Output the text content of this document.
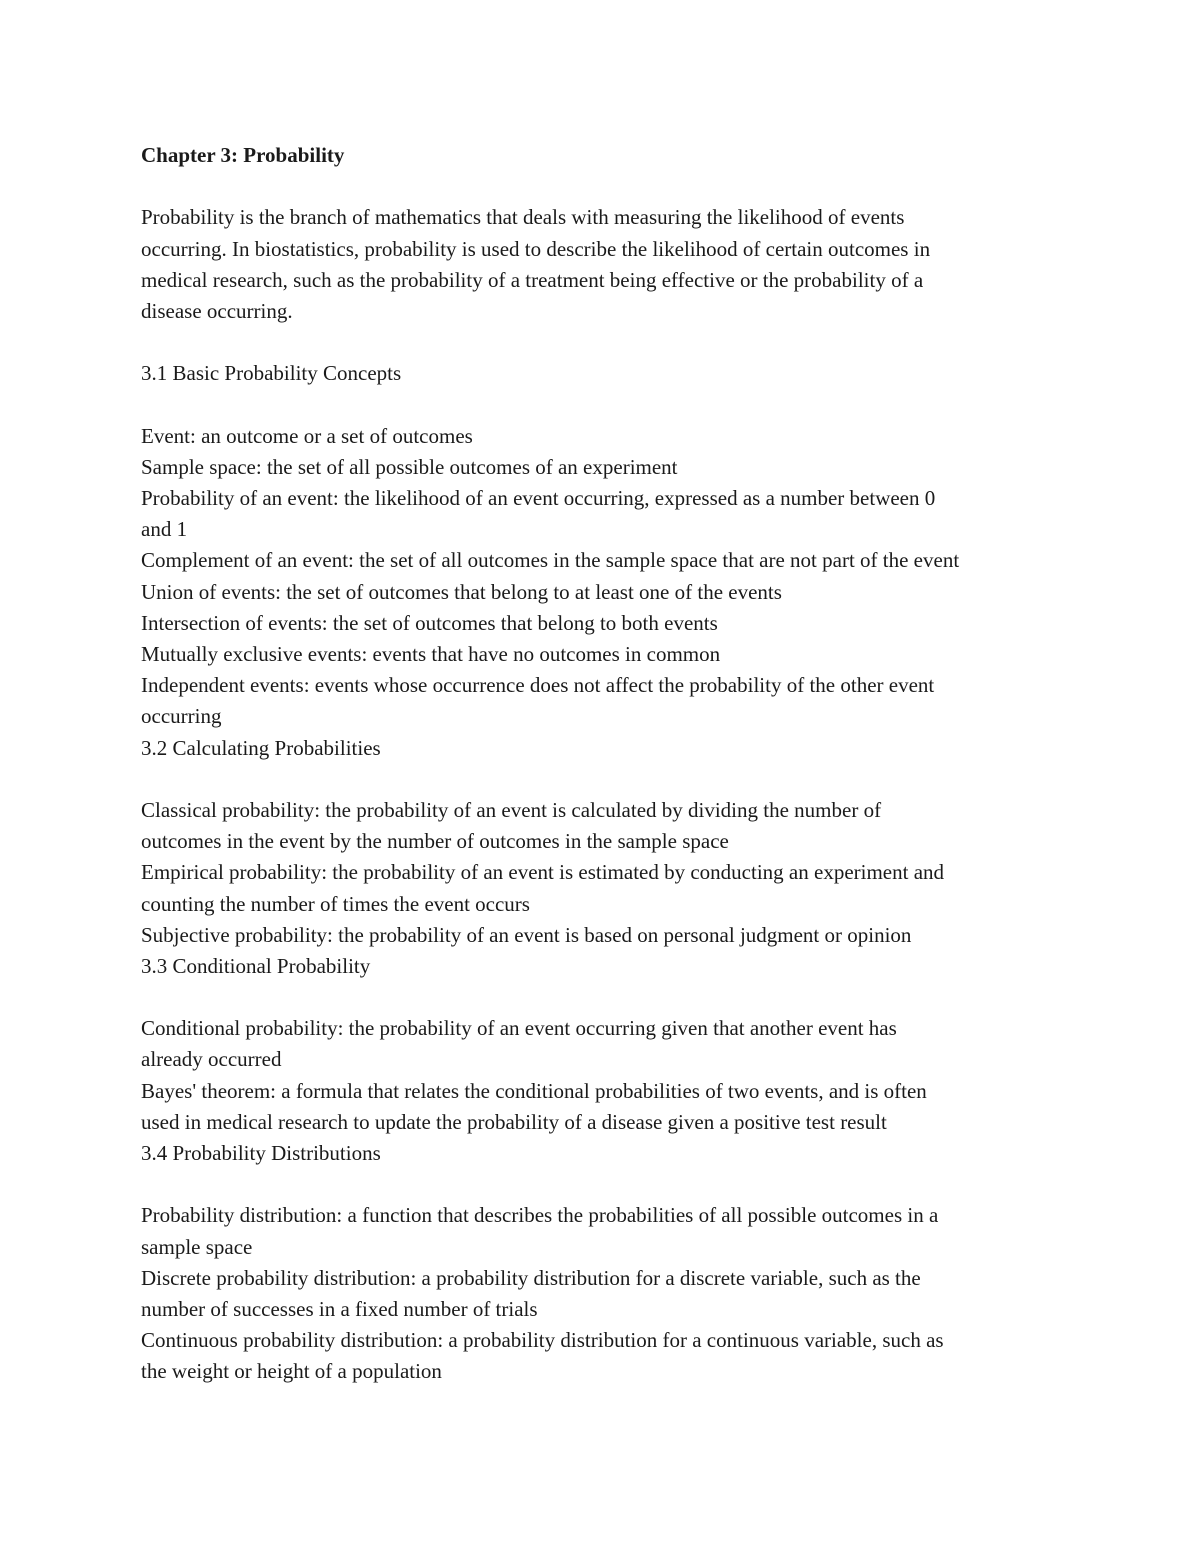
Chapter 3: Probability
Probability is the branch of mathematics that deals with measuring the likelihood of events
occurring. In biostatistics, probability is used to describe the likelihood of certain outcomes in
medical research, such as the probability of a treatment being effective or the probability of a
disease occurring.
3.1 Basic Probability Concepts
Event: an outcome or a set of outcomes
Sample space: the set of all possible outcomes of an experiment
Probability of an event: the likelihood of an event occurring, expressed as a number between 0
and 1
Complement of an event: the set of all outcomes in the sample space that are not part of the event
Union of events: the set of outcomes that belong to at least one of the events
Intersection of events: the set of outcomes that belong to both events
Mutually exclusive events: events that have no outcomes in common
Independent events: events whose occurrence does not affect the probability of the other event
occurring
3.2 Calculating Probabilities
Classical probability: the probability of an event is calculated by dividing the number of
outcomes in the event by the number of outcomes in the sample space
Empirical probability: the probability of an event is estimated by conducting an experiment and
counting the number of times the event occurs
Subjective probability: the probability of an event is based on personal judgment or opinion
3.3 Conditional Probability
Conditional probability: the probability of an event occurring given that another event has
already occurred
Bayes' theorem: a formula that relates the conditional probabilities of two events, and is often
used in medical research to update the probability of a disease given a positive test result
3.4 Probability Distributions
Probability distribution: a function that describes the probabilities of all possible outcomes in a
sample space
Discrete probability distribution: a probability distribution for a discrete variable, such as the
number of successes in a fixed number of trials
Continuous probability distribution: a probability distribution for a continuous variable, such as
the weight or height of a population
